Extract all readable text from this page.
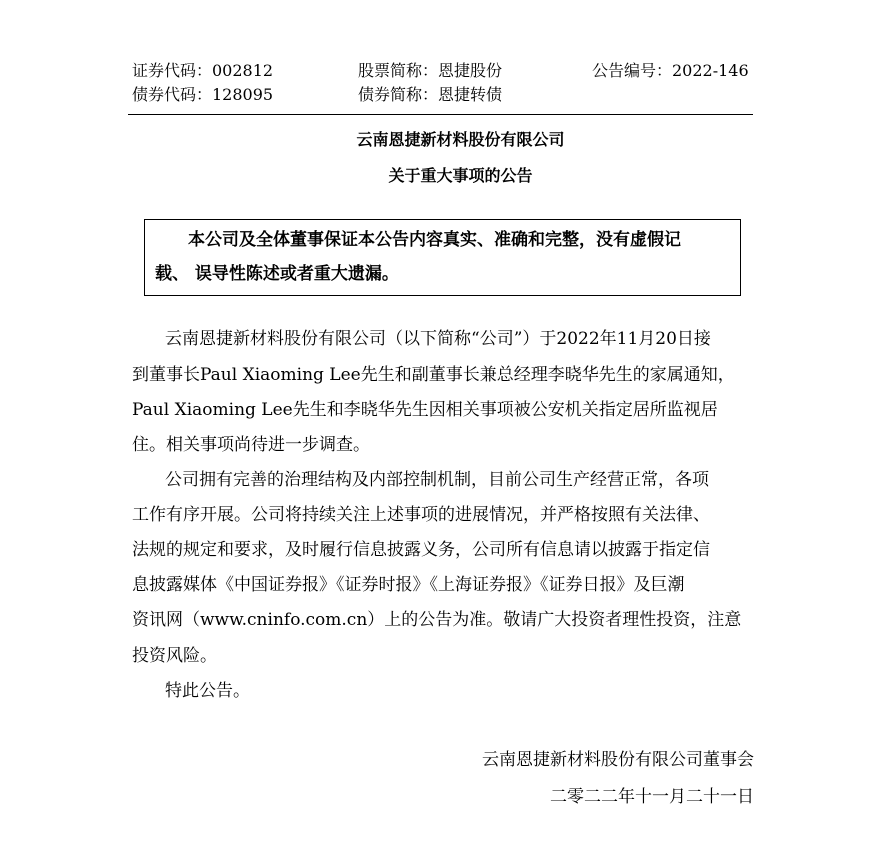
证券代码：002812	股票简称：恩捷股份	公告编号：2022-146
债券代码：128095	债券简称：恩捷转债
云南恩捷新材料股份有限公司
关于重大事项的公告
本公司及全体董事保证本公告内容真实、准确和完整，没有虚假记
载、 误导性陈述或者重大遗漏。
云南恩捷新材料股份有限公司（以下简称“公司”）于2022年11月20日接
到董事长Paul Xiaoming Lee先生和副董事长兼总经理李晓华先生的家属通知，
Paul Xiaoming Lee先生和李晓华先生因相关事项被公安机关指定居所监视居
住。相关事项尚待进一步调查。
公司拥有完善的治理结构及内部控制机制，目前公司生产经营正常，各项
工作有序开展。公司将持续关注上述事项的进展情况，并严格按照有关法律、
法规的规定和要求，及时履行信息披露义务，公司所有信息请以披露于指定信
息披露媒体《中国证券报》《证券时报》《上海证券报》《证券日报》及巨潮
资讯网（www.cninfo.com.cn）上的公告为准。敬请广大投资者理性投资，注意
投资风险。
特此公告。
云南恩捷新材料股份有限公司董事会
二零二二年十一月二十一日
